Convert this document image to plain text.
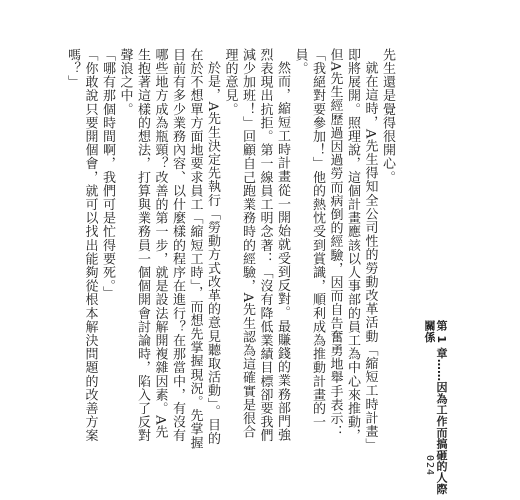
先生還是覺得很開心。

就在這時，A先生得知全公司性的勞動改革活動「縮短工時計畫」即將展開。照理說，這個計畫應該以人事部的員工為中心來推動，但A先生經歷過因過勞而病倒的經驗，因而自告奮勇地舉手表示：「我絕對要參加！」他的熱忱受到賞識，順利成為推動計畫的一員。

然而，縮短工時計畫從一開始就受到反對。最賺錢的業務部門強烈表現出抗拒。第一線員工明念著：「沒有降低業績目標卻要我們減少加班！」回顧自己跑業務時的經驗，A先生認為這確實是很合理的意見。

於是，A先生決定先執行「勞動方式改革的意見聽取活動」。目的在於不想單方面地要求員工「縮短工時」，而想先掌握現況。先掌握目前有多少業務內容、以什麼樣的程序在進行？在那當中，有沒有哪些地方成為瓶頸？改善的第一步，就是設法解開複雜因素。A先生抱著這樣的想法，打算與業務員一個個開會討論時，陷入了反對聲浪之中。

「哪有那個時間啊，我們可是忙得要死。」

「你敢說只要開個會，就可以找出能夠從根本解決問題的改善方案嗎？」

第 1 章……因為工作而搞砸的人際關係
024
